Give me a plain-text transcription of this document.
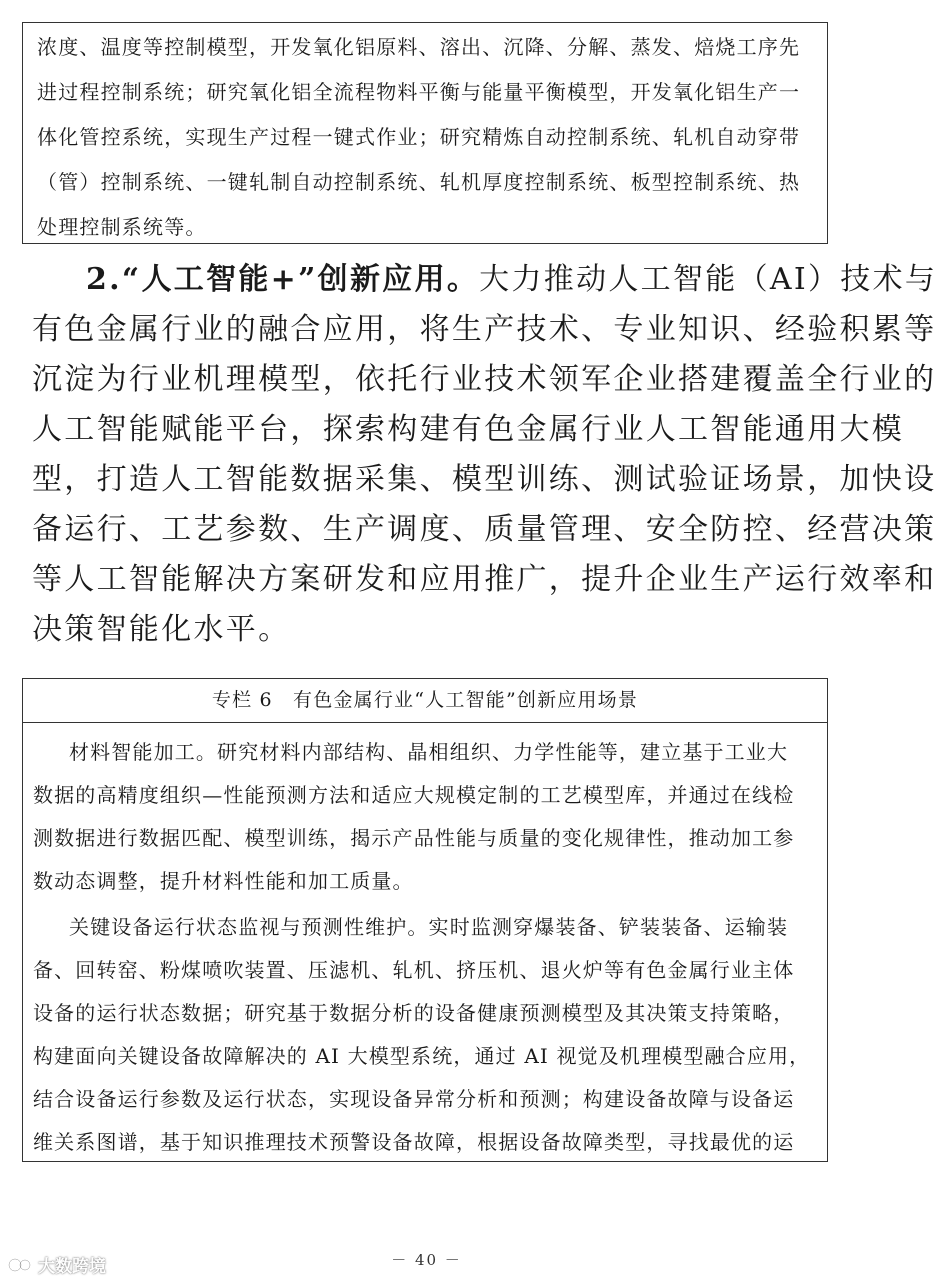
浓度、温度等控制模型，开发氧化铝原料、溶出、沉降、分解、蒸发、焙烧工序先
进过程控制系统；研究氧化铝全流程物料平衡与能量平衡模型，开发氧化铝生产一
体化管控系统，实现生产过程一键式作业；研究精炼自动控制系统、轧机自动穿带
（管）控制系统、一键轧制自动控制系统、轧机厚度控制系统、板型控制系统、热
处理控制系统等。
2.“人工智能+”创新应用。大力推动人工智能（AI）技术与
有色金属行业的融合应用，将生产技术、专业知识、经验积累等
沉淀为行业机理模型，依托行业技术领军企业搭建覆盖全行业的
人工智能赋能平台，探索构建有色金属行业人工智能通用大模
型，打造人工智能数据采集、模型训练、测试验证场景，加快设
备运行、工艺参数、生产调度、质量管理、安全防控、经营决策
等人工智能解决方案研发和应用推广，提升企业生产运行效率和
决策智能化水平。
专栏 6　有色金属行业“人工智能”创新应用场景
材料智能加工。研究材料内部结构、晶相组织、力学性能等，建立基于工业大
数据的高精度组织—性能预测方法和适应大规模定制的工艺模型库，并通过在线检
测数据进行数据匹配、模型训练，揭示产品性能与质量的变化规律性，推动加工参
数动态调整，提升材料性能和加工质量。
关键设备运行状态监视与预测性维护。实时监测穿爆装备、铲装装备、运输装
备、回转窑、粉煤喷吹装置、压滤机、轧机、挤压机、退火炉等有色金属行业主体
设备的运行状态数据；研究基于数据分析的设备健康预测模型及其决策支持策略，
构建面向关键设备故障解决的 AI 大模型系统，通过 AI 视觉及机理模型融合应用，
结合设备运行参数及运行状态，实现设备异常分析和预测；构建设备故障与设备运
维关系图谱，基于知识推理技术预警设备故障，根据设备故障类型，寻找最优的运
－ 40 －
大数跨境
